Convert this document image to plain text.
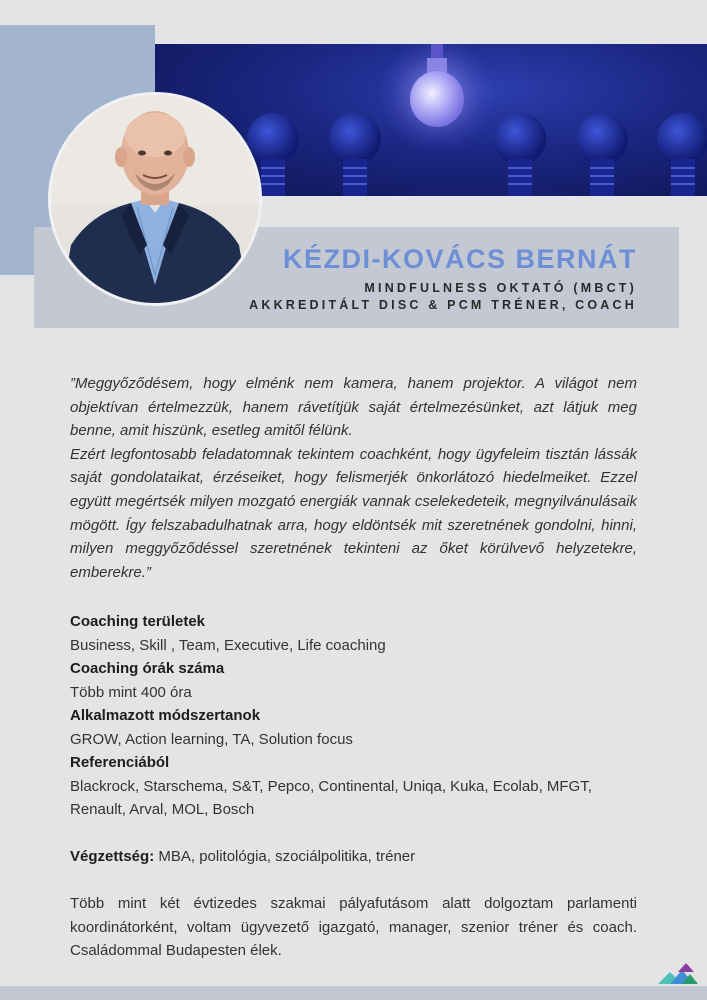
KÉZDI-KOVÁCS BERNÁT
MINDFULNESS OKTATÓ (MBCT)
AKKREDITÁLT DISC & PCM TRÉNER, COACH

”Meggyőződésem, hogy elménk nem kamera, hanem projektor. A világot nem objektívan értelmezzük, hanem rávetítjük saját értelmezésünket, azt látjuk meg benne, amit hiszünk, esetleg amitől félünk.

Ezért legfontosabb feladatomnak tekintem coachként, hogy ügyfeleim tisztán lássák saját gondolataikat, érzéseiket, hogy felismerjék önkorlátozó hiedelmeiket. Ezzel együtt megértsék milyen mozgató energiák vannak cselekedeteik, megnyilvánulásaik mögött. Így felszabadulhatnak arra, hogy eldöntsék mit szeretnének gondolni, hinni, milyen meggyőződéssel szeretnének tekinteni az őket körülvevő helyzetekre, emberekre.”

Coaching területek
Business, Skill , Team, Executive, Life coaching
Coaching órák száma
Több mint 400 óra
Alkalmazott módszertanok
GROW, Action learning, TA, Solution focus
Referenciából
Blackrock, Starschema, S&T, Pepco, Continental, Uniqa, Kuka, Ecolab, MFGT, Renault, Arval, MOL, Bosch
Végzettség: MBA, politológia, szociálpolitika, tréner

Több mint két évtizedes szakmai pályafutásom alatt dolgoztam parlamenti koordinátorként, voltam ügyvezető igazgató, manager, szenior tréner és coach. Családommal Budapesten élek.
